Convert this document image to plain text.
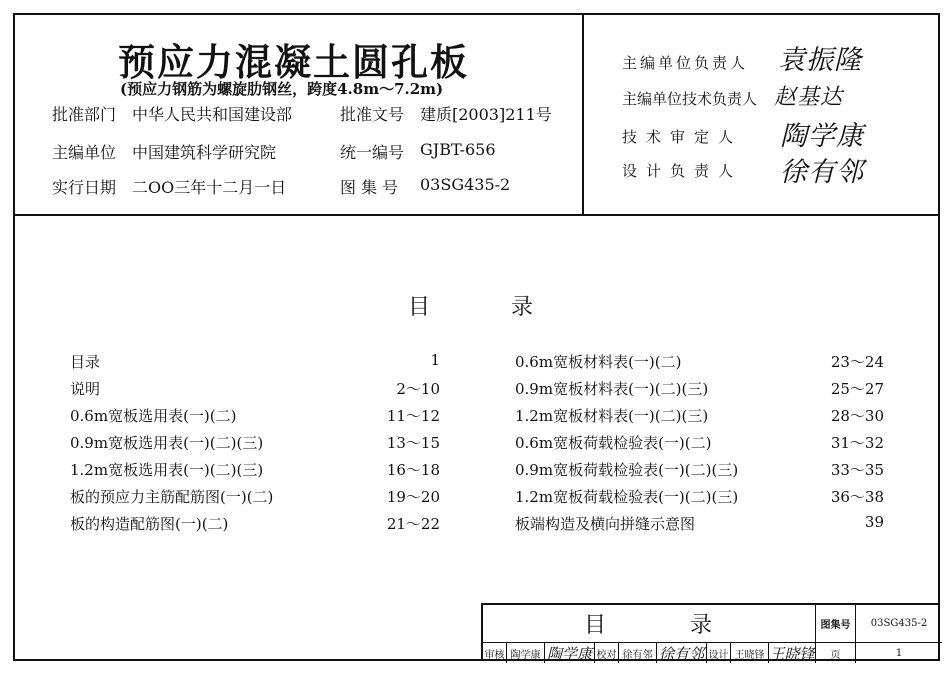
预应力混凝土圆孔板
(预应力钢筋为螺旋肋钢丝，跨度4.8m～7.2m)
批准部门 中华人民共和国建设部	批准文号 建质[2003]211号
主编单位 中国建筑科学研究院	统一编号 GJBT-656
实行日期 二OO三年十二月一日	图 集 号 03SG435-2
主编单位负责人 袁振隆
主编单位技术负责人 赵基达
技术审定人 陶学康
设计负责人 徐有邻
目	录
目录	1
说明	2～10
0.6m宽板选用表(一)(二)	11～12
0.9m宽板选用表(一)(二)(三)	13～15
1.2m宽板选用表(一)(二)(三)	16～18
板的预应力主筋配筋图(一)(二)	19～20
板的构造配筋图(一)(二)	21～22
0.6m宽板材料表(一)(二)	23～24
0.9m宽板材料表(一)(二)(三)	25～27
1.2m宽板材料表(一)(二)(三)	28～30
0.6m宽板荷载检验表(一)(二)	31～32
0.9m宽板荷载检验表(一)(二)(三)	33～35
1.2m宽板荷载检验表(一)(二)(三)	36～38
板端构造及横向拼缝示意图	39
目	录	图集号	03SG435-2
审核 陶学康 陶学康 校对 徐有邻 徐有邻 设计 王晓锋 王晓锋	页	1
